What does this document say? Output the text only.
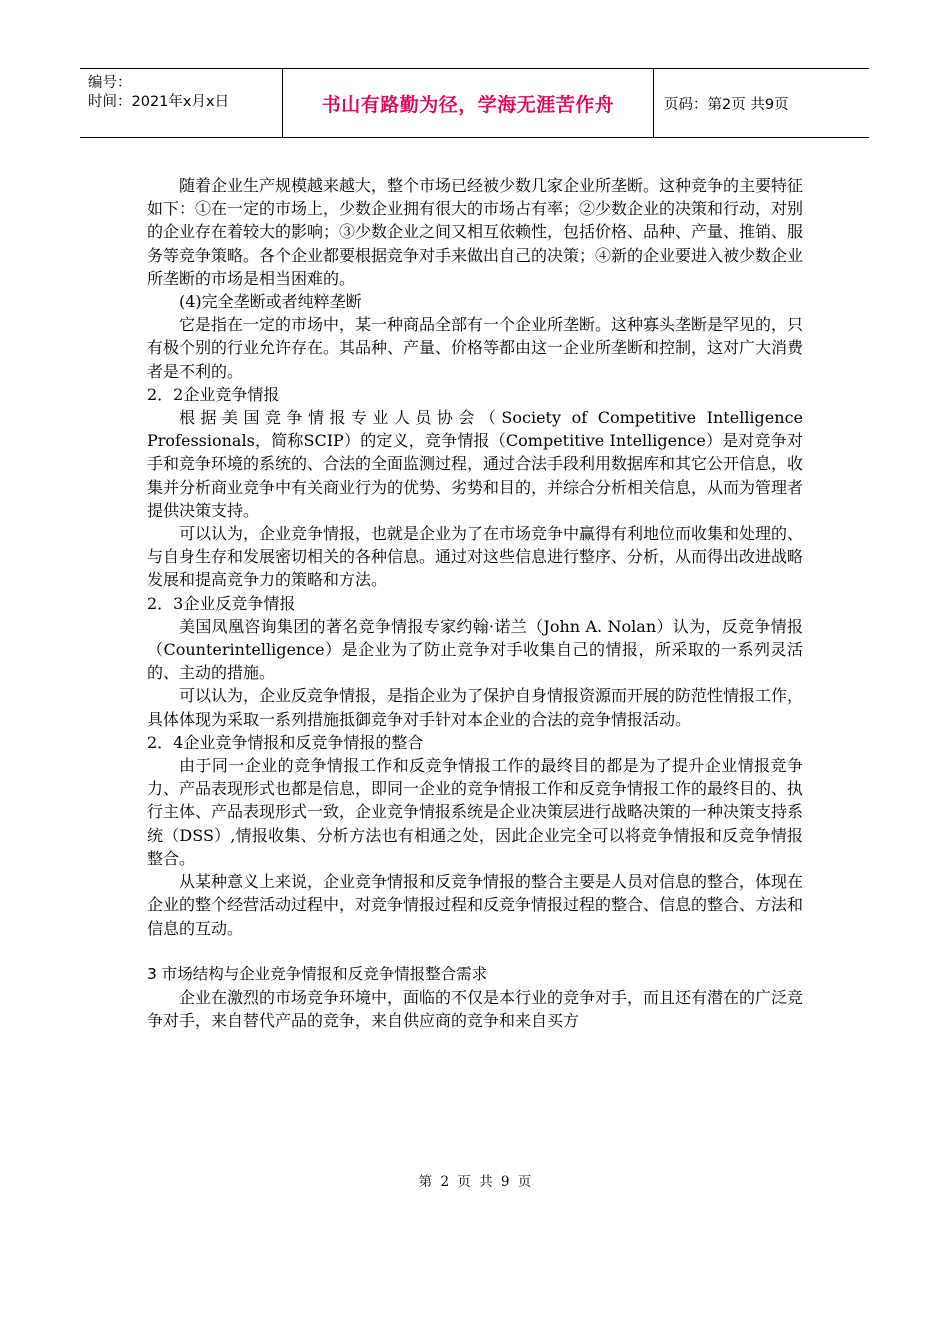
编号：
时间：2021年x月x日	书山有路勤为径，学海无涯苦作舟	页码：第2页 共9页

随着企业生产规模越来越大，整个市场已经被少数几家企业所垄断。这种竞争的主要特征如下：①在一定的市场上，少数企业拥有很大的市场占有率；②少数企业的决策和行动，对别的企业存在着较大的影响；③少数企业之间又相互依赖性，包括价格、品种、产量、推销、服务等竞争策略。各个企业都要根据竞争对手来做出自己的决策；④新的企业要进入被少数企业所垄断的市场是相当困难的。

(4)完全垄断或者纯粹垄断

它是指在一定的市场中，某一种商品全部有一个企业所垄断。这种寡头垄断是罕见的，只有极个别的行业允许存在。其品种、产量、价格等都由这一企业所垄断和控制，这对广大消费者是不利的。

2．2企业竞争情报

根据美国竞争情报专业人员协会（Society of Competitive Intelligence Professionals，简称SCIP）的定义，竞争情报（Competitive Intelligence）是对竞争对手和竞争环境的系统的、合法的全面监测过程，通过合法手段利用数据库和其它公开信息，收集并分析商业竞争中有关商业行为的优势、劣势和目的，并综合分析相关信息，从而为管理者提供决策支持。

可以认为，企业竞争情报，也就是企业为了在市场竞争中赢得有利地位而收集和处理的、与自身生存和发展密切相关的各种信息。通过对这些信息进行整序、分析，从而得出改进战略发展和提高竞争力的策略和方法。

2．3企业反竞争情报

美国凤凰咨询集团的著名竞争情报专家约翰·诺兰（John A. Nolan）认为，反竞争情报（Counterintelligence）是企业为了防止竞争对手收集自己的情报，所采取的一系列灵活的、主动的措施。

可以认为，企业反竞争情报，是指企业为了保护自身情报资源而开展的防范性情报工作，具体体现为采取一系列措施抵御竞争对手针对本企业的合法的竞争情报活动。

2．4企业竞争情报和反竞争情报的整合

由于同一企业的竞争情报工作和反竞争情报工作的最终目的都是为了提升企业情报竞争力、产品表现形式也都是信息，即同一企业的竞争情报工作和反竞争情报工作的最终目的、执行主体、产品表现形式一致，企业竞争情报系统是企业决策层进行战略决策的一种决策支持系统（DSS）,情报收集、分析方法也有相通之处，因此企业完全可以将竞争情报和反竞争情报整合。

从某种意义上来说，企业竞争情报和反竞争情报的整合主要是人员对信息的整合，体现在企业的整个经营活动过程中，对竞争情报过程和反竞争情报过程的整合、信息的整合、方法和信息的互动。

3 市场结构与企业竞争情报和反竞争情报整合需求

企业在激烈的市场竞争环境中，面临的不仅是本行业的竞争对手，而且还有潜在的广泛竞争对手，来自替代产品的竞争，来自供应商的竞争和来自买方

第 2 页 共 9 页
